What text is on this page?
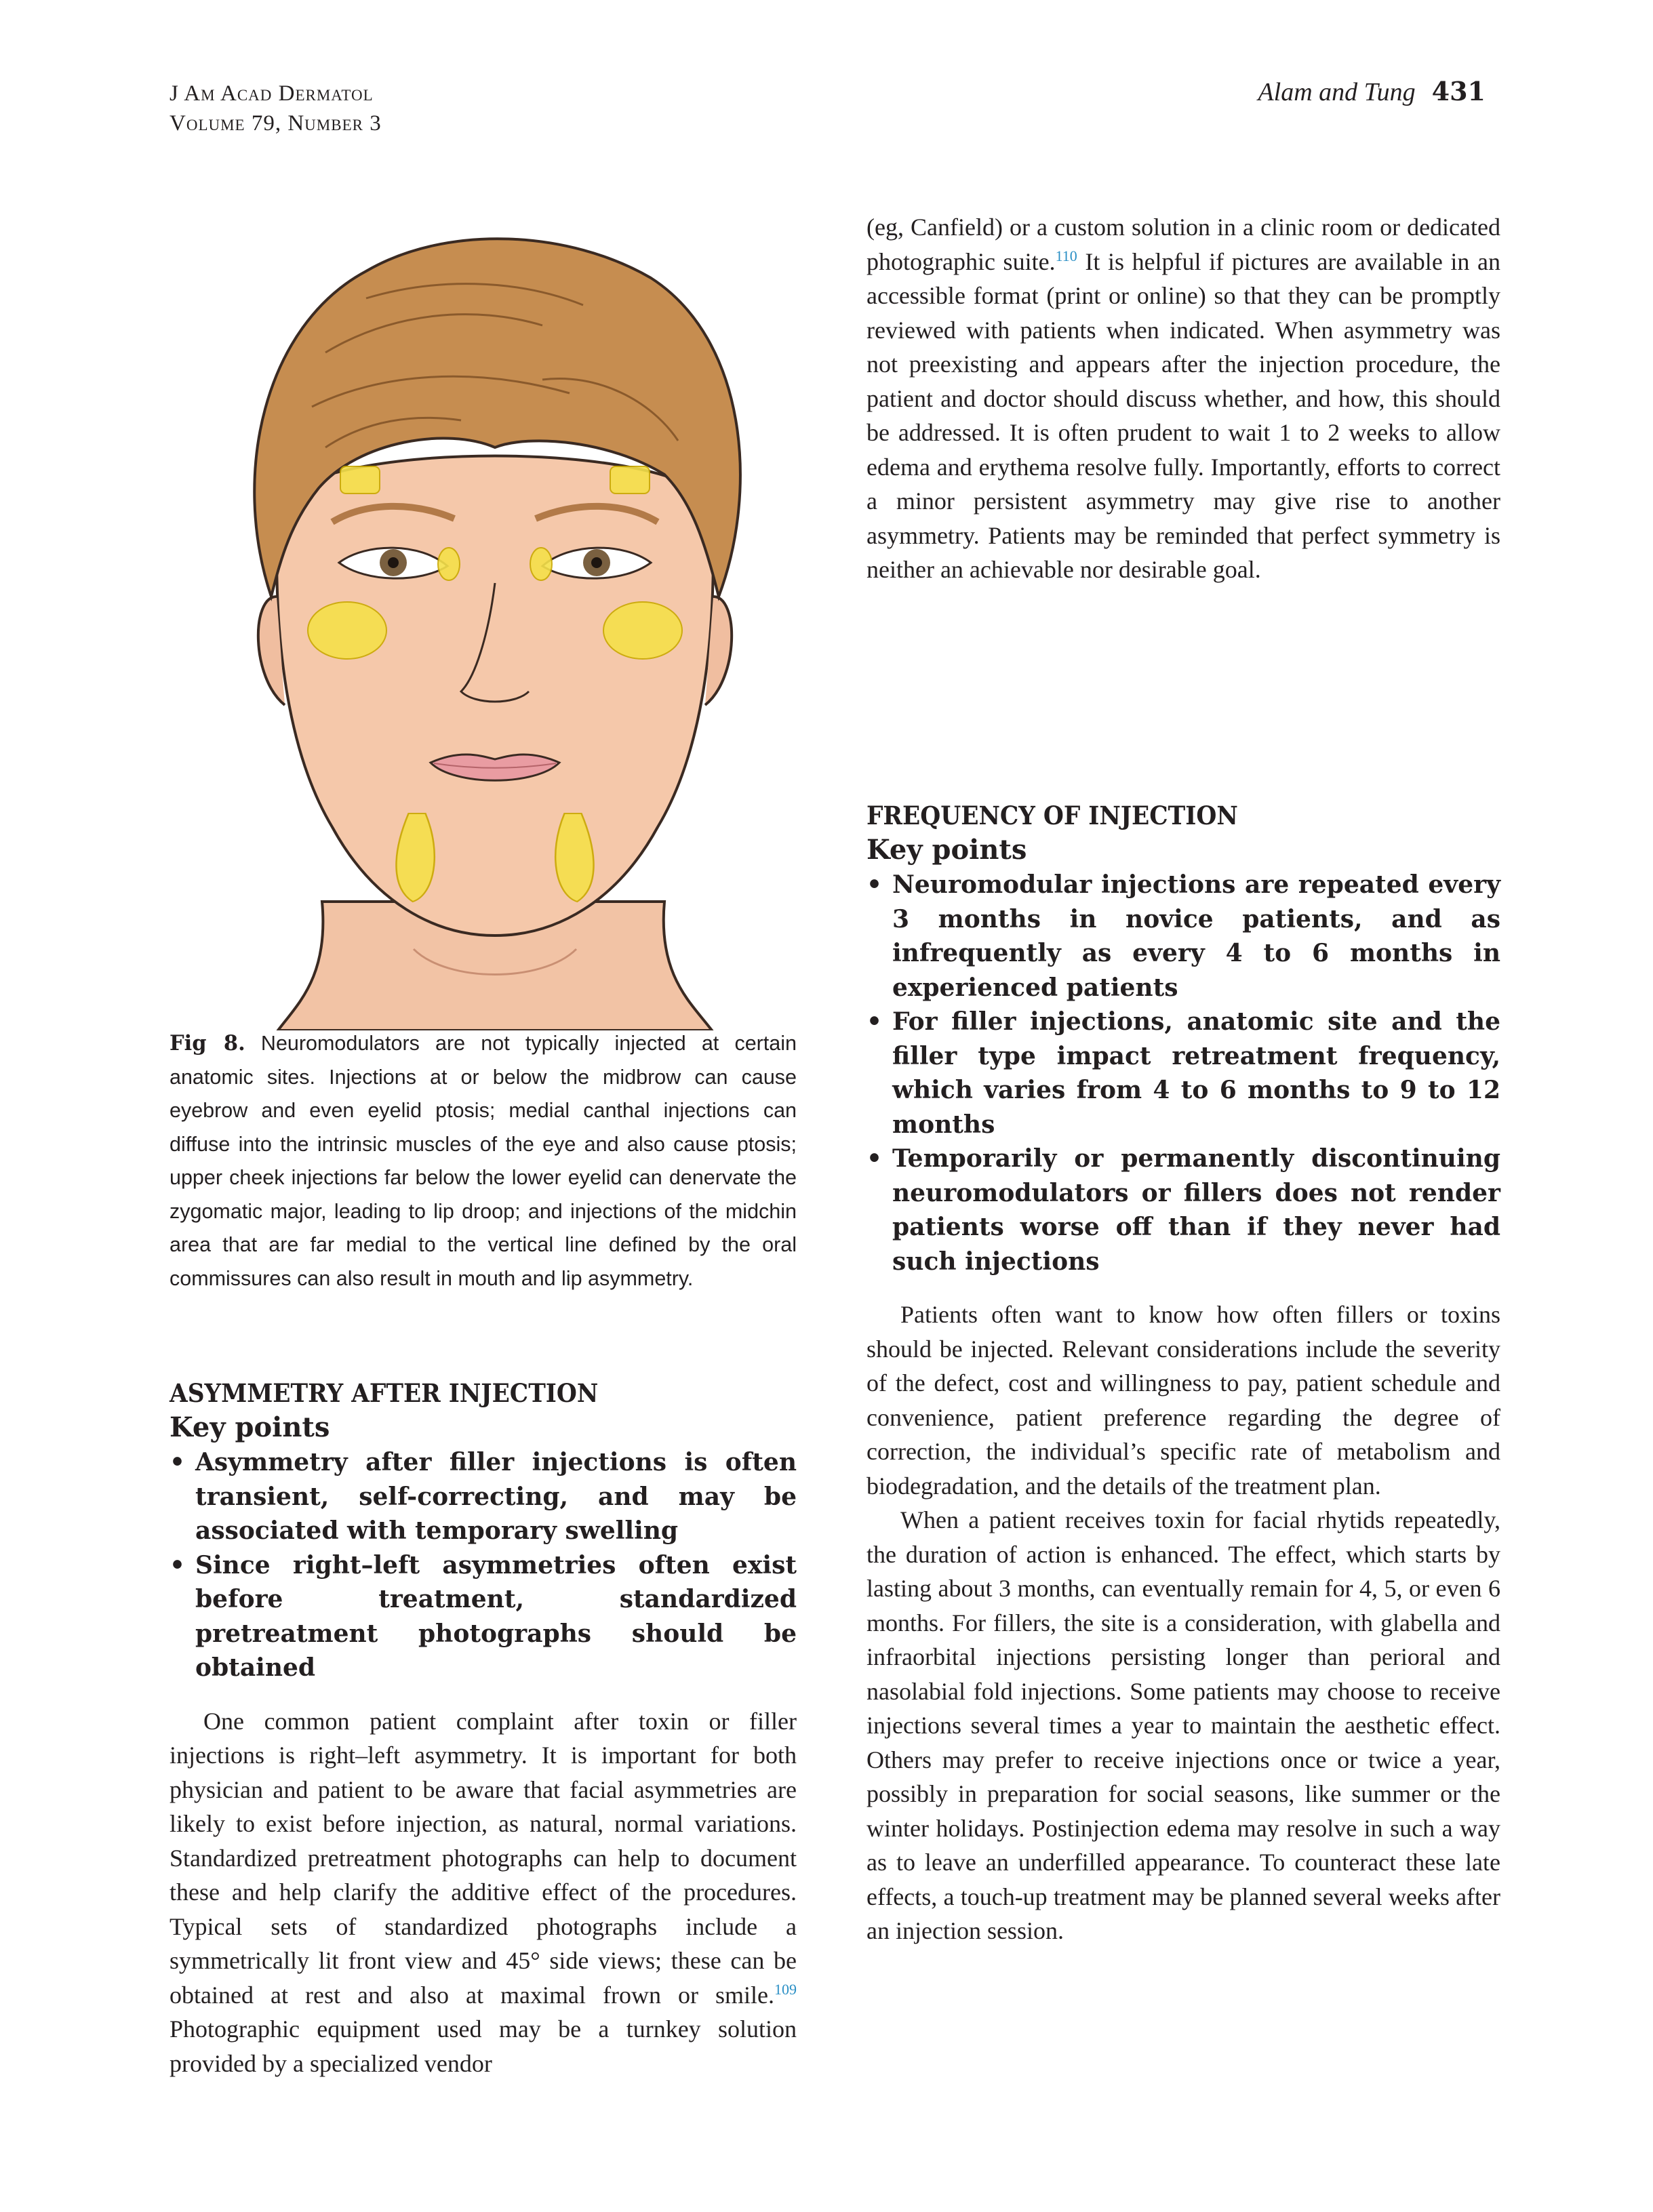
J Am Acad Dermatol
Volume 79, Number 3
Alam and Tung 431
Fig 8. Neuromodulators are not typically injected at certain anatomic sites. Injections at or below the midbrow can cause eyebrow and even eyelid ptosis; medial canthal injections can diffuse into the intrinsic muscles of the eye and also cause ptosis; upper cheek injections far below the lower eyelid can denervate the zygomatic major, leading to lip droop; and injections of the midchin area that are far medial to the vertical line defined by the oral commissures can also result in mouth and lip asymmetry.
ASYMMETRY AFTER INJECTION
Key points
• Asymmetry after filler injections is often transient, self-correcting, and may be associated with temporary swelling
• Since right–left asymmetries often exist before treatment, standardized pretreatment photographs should be obtained

One common patient complaint after toxin or filler injections is right–left asymmetry. It is important for both physician and patient to be aware that facial asymmetries are likely to exist before injection, as natural, normal variations. Standardized pretreatment photographs can help to document these and help clarify the additive effect of the procedures. Typical sets of standardized photographs include a symmetrically lit front view and 45° side views; these can be obtained at rest and also at maximal frown or smile.$^{109}$ Photographic equipment used may be a turnkey solution provided by a specialized vendor

(eg, Canfield) or a custom solution in a clinic room or dedicated photographic suite.$^{110}$ It is helpful if pictures are available in an accessible format (print or online) so that they can be promptly reviewed with patients when indicated. When asymmetry was not preexisting and appears after the injection procedure, the patient and doctor should discuss whether, and how, this should be addressed. It is often prudent to wait 1 to 2 weeks to allow edema and erythema resolve fully. Importantly, efforts to correct a minor persistent asymmetry may give rise to another asymmetry. Patients may be reminded that perfect symmetry is neither an achievable nor desirable goal.

FREQUENCY OF INJECTION
Key points
• Neuromodular injections are repeated every 3 months in novice patients, and as infrequently as every 4 to 6 months in experienced patients
• For filler injections, anatomic site and the filler type impact retreatment frequency, which varies from 4 to 6 months to 9 to 12 months
• Temporarily or permanently discontinuing neuromodulators or fillers does not render patients worse off than if they never had such injections

Patients often want to know how often fillers or toxins should be injected. Relevant considerations include the severity of the defect, cost and willingness to pay, patient schedule and convenience, patient preference regarding the degree of correction, the individual’s specific rate of metabolism and biodegradation, and the details of the treatment plan.

When a patient receives toxin for facial rhytids repeatedly, the duration of action is enhanced. The effect, which starts by lasting about 3 months, can eventually remain for 4, 5, or even 6 months. For fillers, the site is a consideration, with glabella and infraorbital injections persisting longer than perioral and nasolabial fold injections. Some patients may choose to receive injections several times a year to maintain the aesthetic effect. Others may prefer to receive injections once or twice a year, possibly in preparation for social seasons, like summer or the winter holidays. Postinjection edema may resolve in such a way as to leave an underfilled appearance. To counteract these late effects, a touch-up treatment may be planned several weeks after an injection session.
